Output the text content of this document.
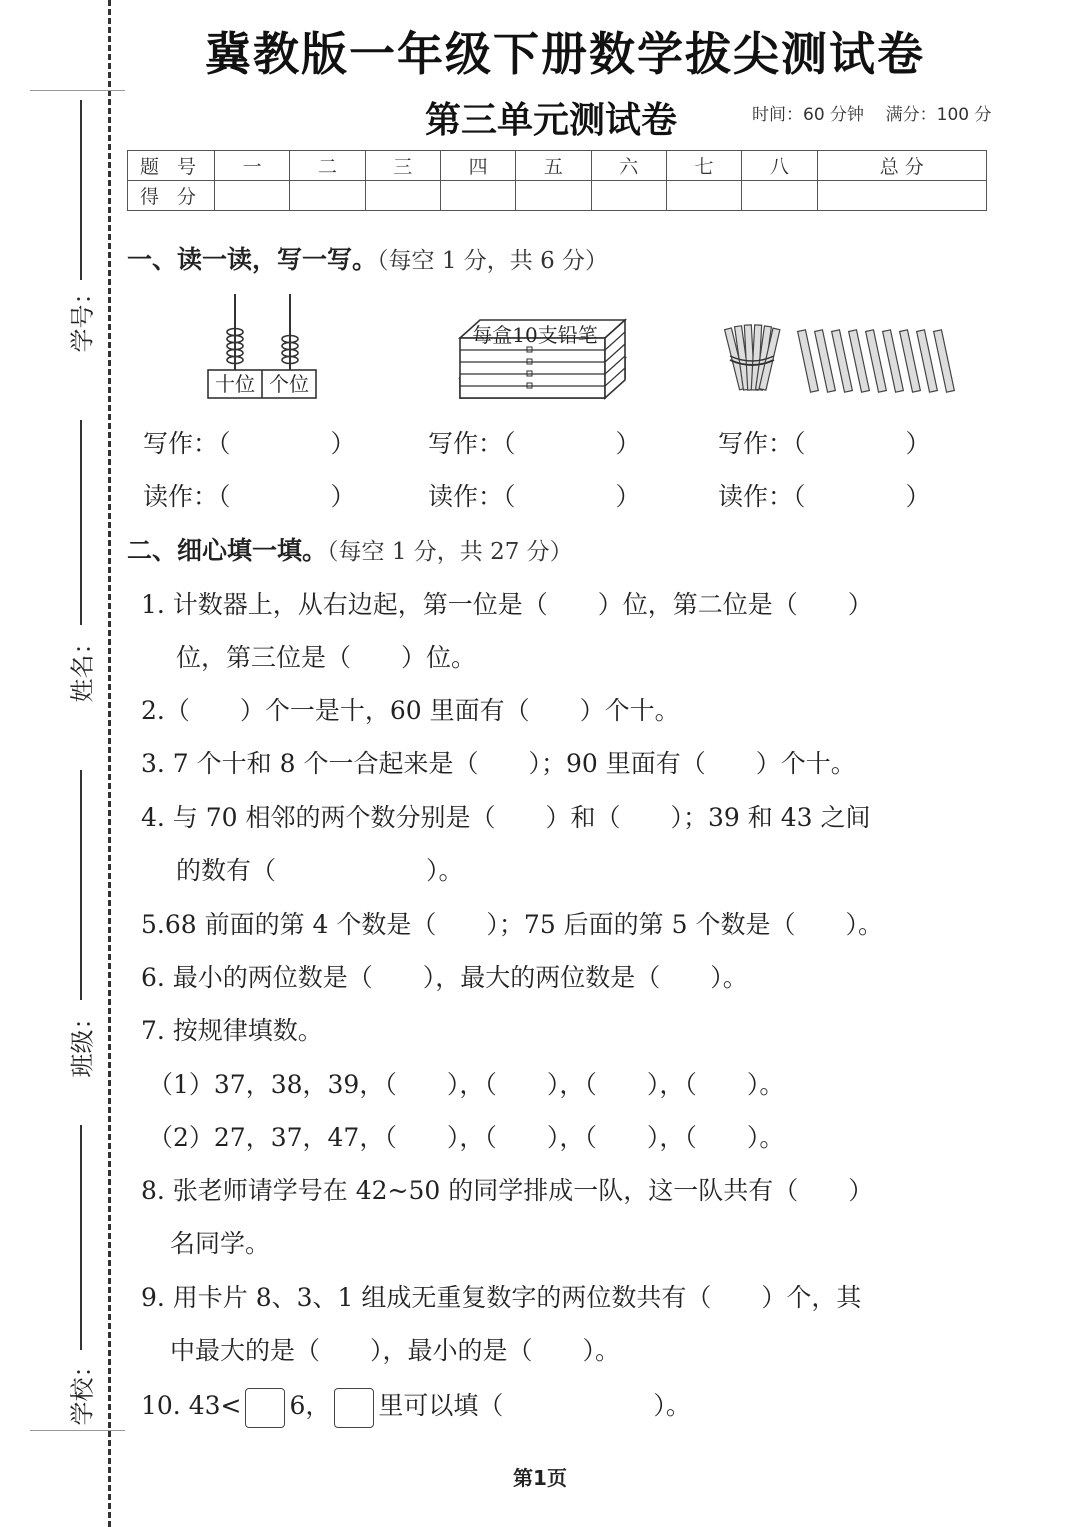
学号：
姓名：
班级：
学校：
冀教版一年级下册数学拔尖测试卷
第三单元测试卷	时间：60 分钟 满分：100 分
题 号	一	二	三	四	五	六	七	八	总 分
得 分									
一、读一读，写一写。（每空 1 分，共 6 分）
十位 个位
每盒10支铅笔
写作：（　　　　）	写作：（　　　　）	写作：（　　　　）
读作：（　　　　）	读作：（　　　　）	读作：（　　　　）
二、细心填一填。（每空 1 分，共 27 分）
1. 计数器上，从右边起，第一位是（　　）位，第二位是（　　）
位，第三位是（　　）位。
2.（　　）个一是十，60 里面有（　　）个十。
3. 7 个十和 8 个一合起来是（　　）；90 里面有（　　）个十。
4. 与 70 相邻的两个数分别是（　　）和（　　）；39 和 43 之间
的数有（　　　　　　）。
5.68 前面的第 4 个数是（　　）；75 后面的第 5 个数是（　　）。
6. 最小的两位数是（　　），最大的两位数是（　　）。
7. 按规律填数。
（1）37，38，39，（　　），（　　），（　　），（　　）。
（2）27，37，47，（　　），（　　），（　　），（　　）。
8. 张老师请学号在 42~50 的同学排成一队，这一队共有（　　）
名同学。
9. 用卡片 8、3、1 组成无重复数字的两位数共有（　　）个，其
中最大的是（　　），最小的是（　　）。
10. 43< 6， 里可以填（　　　　　　）。
第1页
